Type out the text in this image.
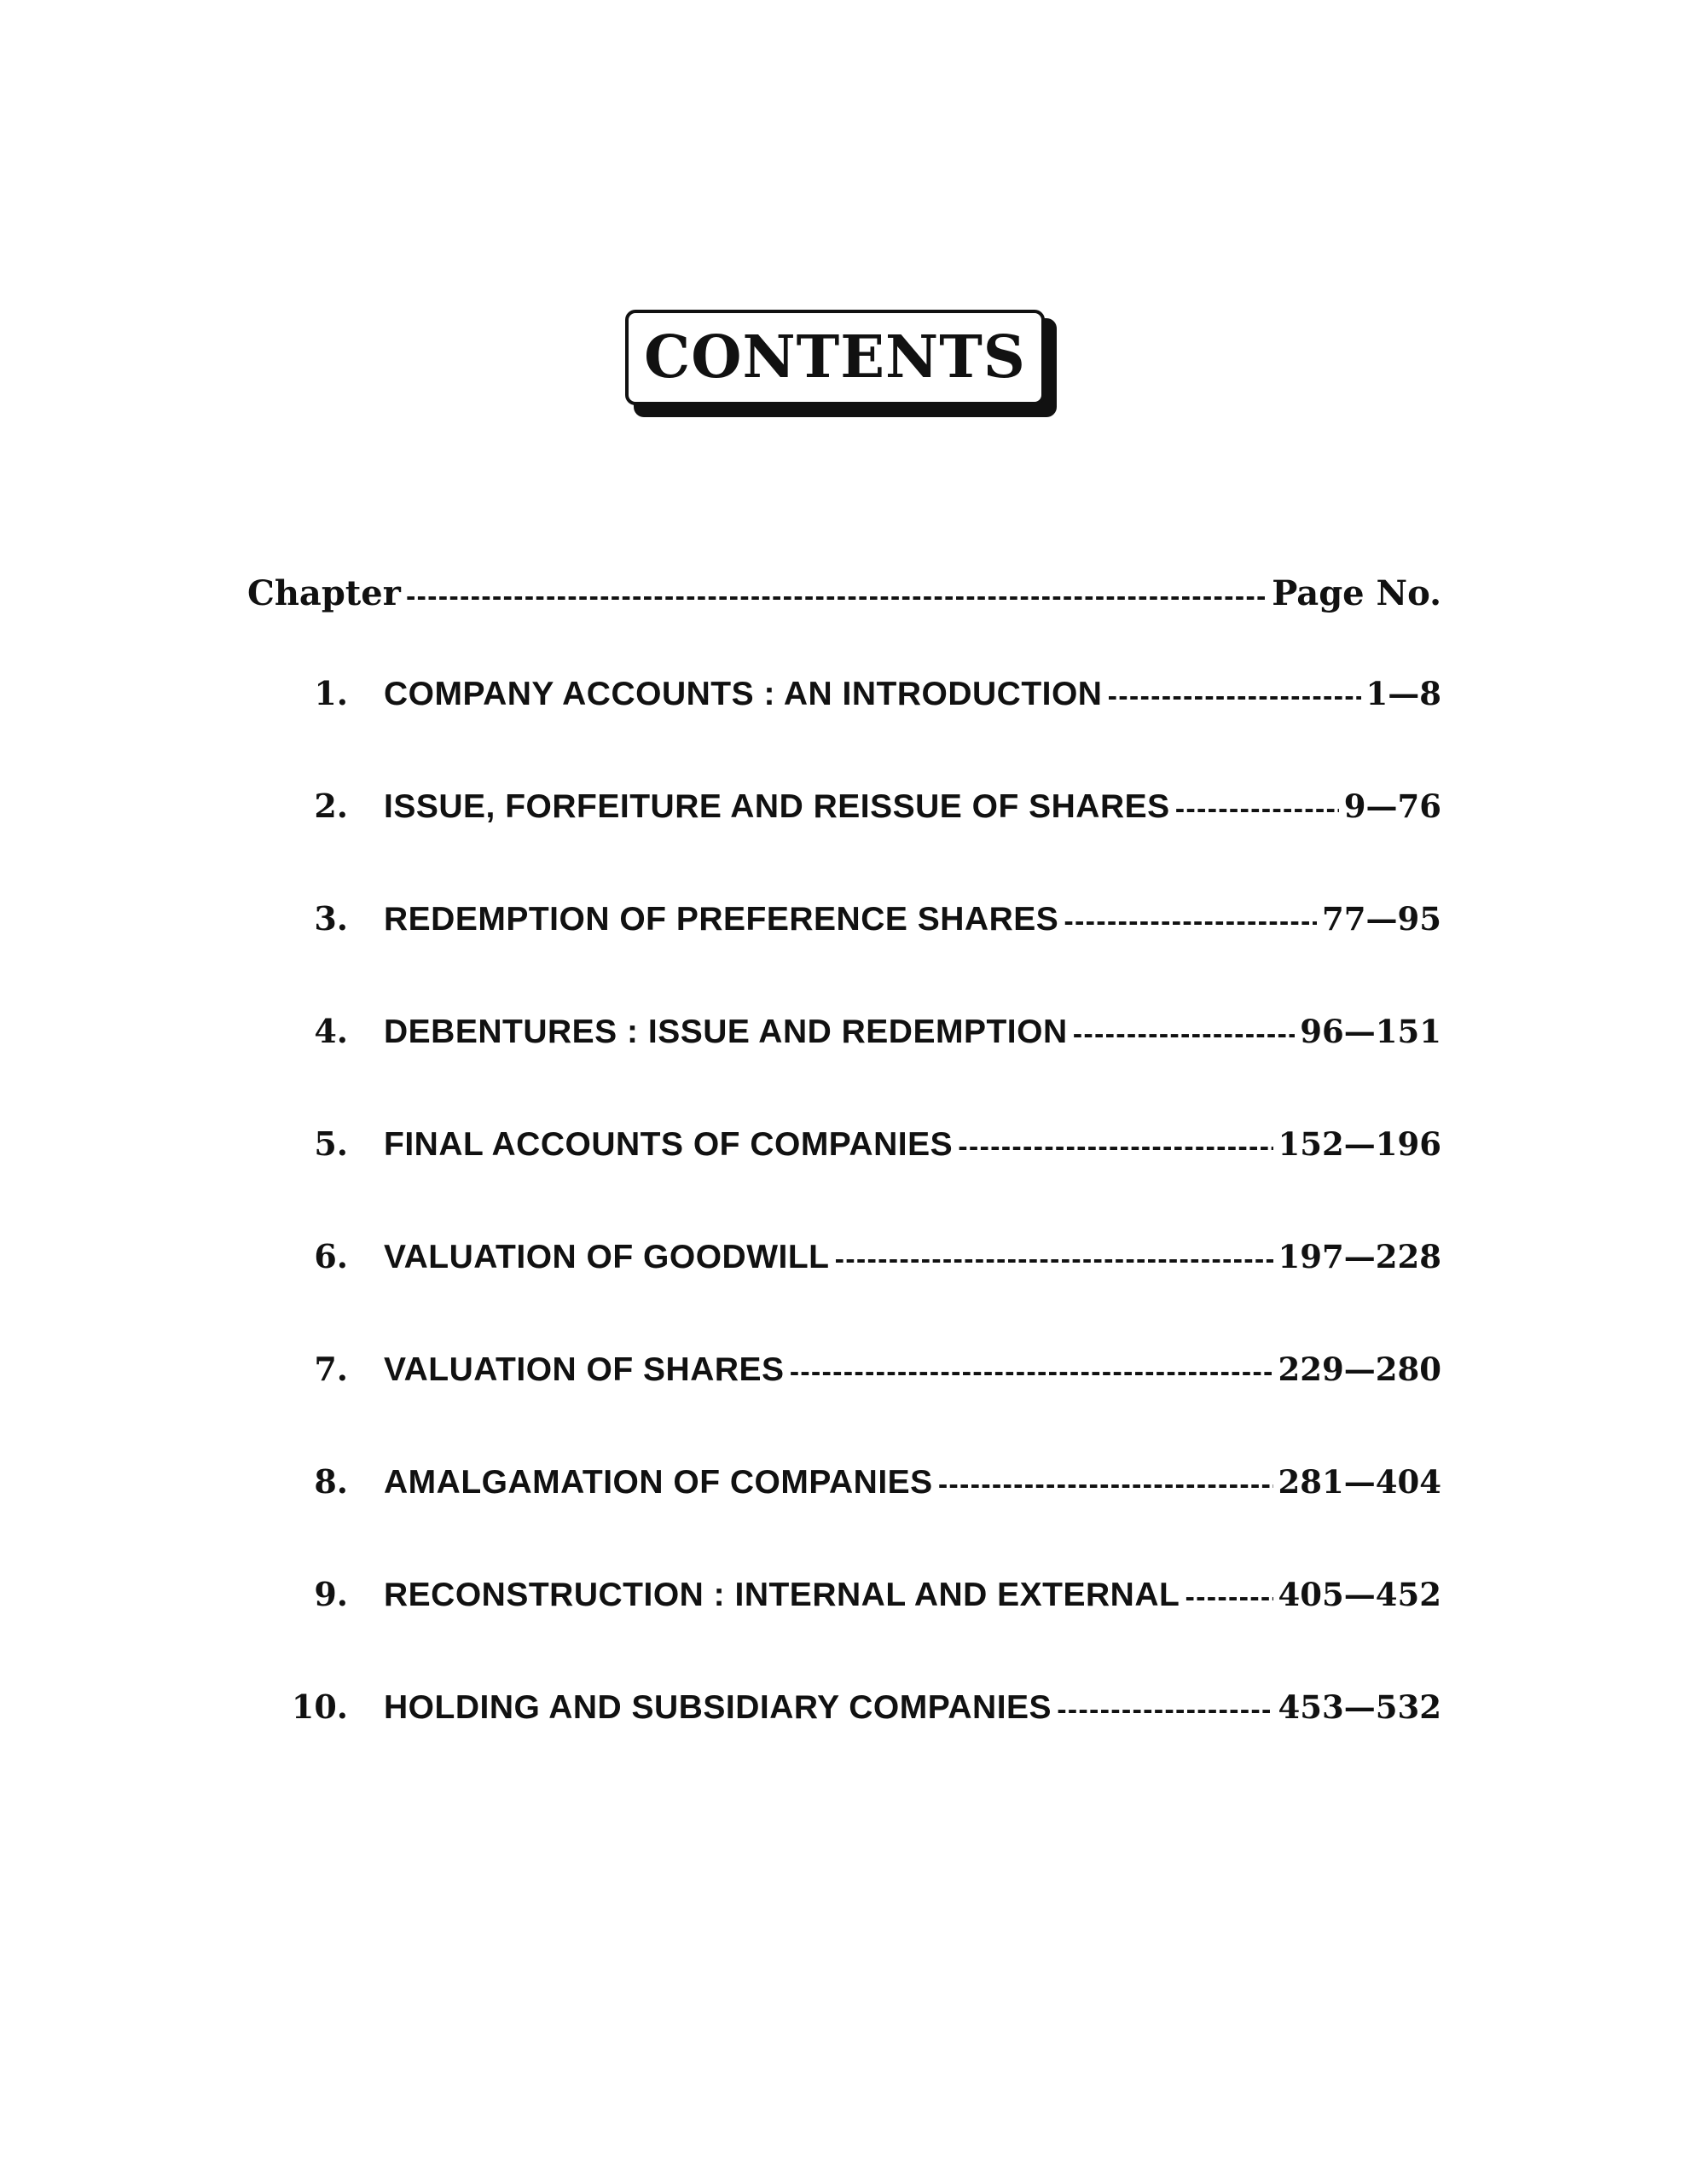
CONTENTS
Chapter -----	Page No.
1. COMPANY ACCOUNTS : AN INTRODUCTION -----	1—8
2. ISSUE, FORFEITURE AND REISSUE OF SHARES -----	9—76
3. REDEMPTION OF PREFERENCE SHARES -----	77—95
4. DEBENTURES : ISSUE AND REDEMPTION -----	96—151
5. FINAL ACCOUNTS OF COMPANIES -----	152—196
6. VALUATION OF GOODWILL -----	197—228
7. VALUATION OF SHARES -----	229—280
8. AMALGAMATION OF COMPANIES -----	281—404
9. RECONSTRUCTION : INTERNAL AND EXTERNAL -----	405—452
10. HOLDING AND SUBSIDIARY COMPANIES -----	453—532
